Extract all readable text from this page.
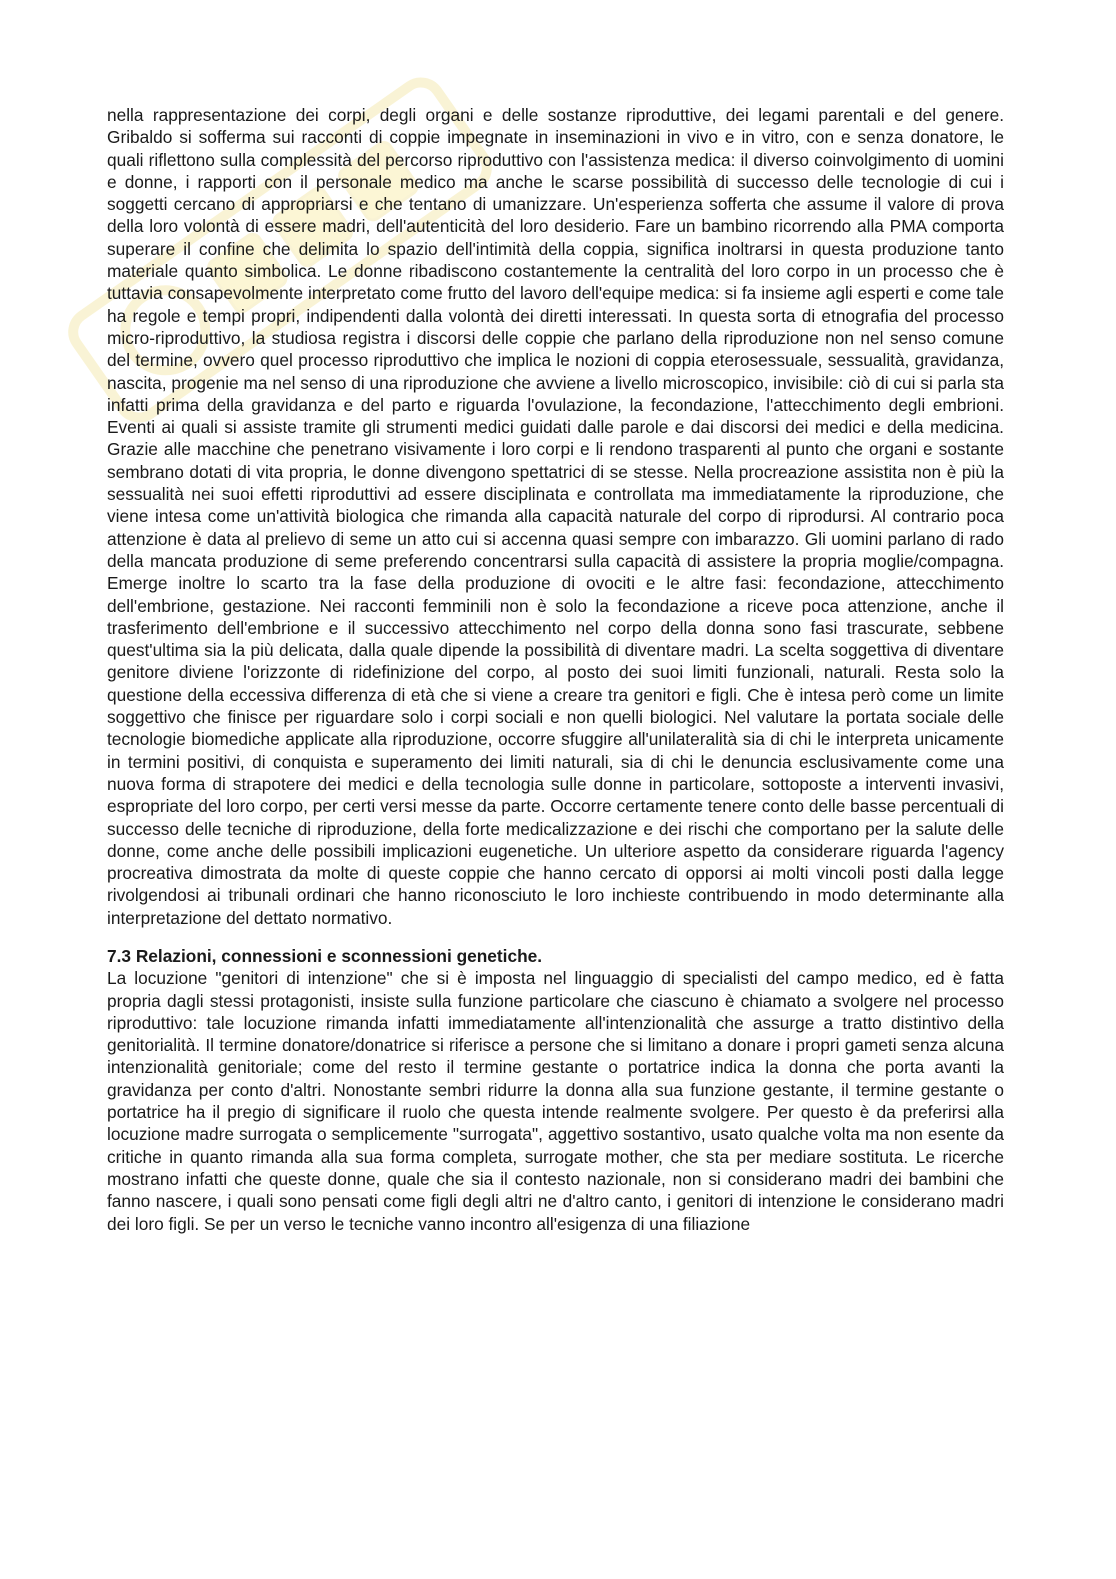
nella rappresentazione dei corpi, degli organi e delle sostanze riproduttive, dei legami parentali e del genere. Gribaldo si sofferma sui racconti di coppie impegnate in inseminazioni in vivo e in vitro, con e senza donatore, le quali riflettono sulla complessità del percorso riproduttivo con l'assistenza medica: il diverso coinvolgimento di uomini e donne, i rapporti con il personale medico ma anche le scarse possibilità di successo delle tecnologie di cui i soggetti cercano di appropriarsi e che tentano di umanizzare. Un'esperienza sofferta che assume il valore di prova della loro volontà di essere madri, dell'autenticità del loro desiderio. Fare un bambino ricorrendo alla PMA comporta superare il confine che delimita lo spazio dell'intimità della coppia, significa inoltrarsi in questa produzione tanto materiale quanto simbolica. Le donne ribadiscono costantemente la centralità del loro corpo in un processo che è tuttavia consapevolmente interpretato come frutto del lavoro dell'equipe medica: si fa insieme agli esperti e come tale ha regole e tempi propri, indipendenti dalla volontà dei diretti interessati. In questa sorta di etnografia del processo micro-riproduttivo, la studiosa registra i discorsi delle coppie che parlano della riproduzione non nel senso comune del termine, ovvero quel processo riproduttivo che implica le nozioni di coppia eterosessuale, sessualità, gravidanza, nascita, progenie ma nel senso di una riproduzione che avviene a livello microscopico, invisibile: ciò di cui si parla sta infatti prima della gravidanza e del parto e riguarda l'ovulazione, la fecondazione, l'attecchimento degli embrioni. Eventi ai quali si assiste tramite gli strumenti medici guidati dalle parole e dai discorsi dei medici e della medicina. Grazie alle macchine che penetrano visivamente i loro corpi e li rendono trasparenti al punto che organi e sostante sembrano dotati di vita propria, le donne divengono spettatrici di se stesse. Nella procreazione assistita non è più la sessualità nei suoi effetti riproduttivi ad essere disciplinata e controllata ma immediatamente la riproduzione, che viene intesa come un'attività biologica che rimanda alla capacità naturale del corpo di riprodursi. Al contrario poca attenzione è data al prelievo di seme un atto cui si accenna quasi sempre con imbarazzo. Gli uomini parlano di rado della mancata produzione di seme preferendo concentrarsi sulla capacità di assistere la propria moglie/compagna. Emerge inoltre lo scarto tra la fase della produzione di ovociti e le altre fasi: fecondazione, attecchimento dell'embrione, gestazione. Nei racconti femminili non è solo la fecondazione a riceve poca attenzione, anche il trasferimento dell'embrione e il successivo attecchimento nel corpo della donna sono fasi trascurate, sebbene quest'ultima sia la più delicata, dalla quale dipende la possibilità di diventare madri. La scelta soggettiva di diventare genitore diviene l'orizzonte di ridefinizione del corpo, al posto dei suoi limiti funzionali, naturali. Resta solo la questione della eccessiva differenza di età che si viene a creare tra genitori e figli. Che è intesa però come un limite soggettivo che finisce per riguardare solo i corpi sociali e non quelli biologici. Nel valutare la portata sociale delle tecnologie biomediche applicate alla riproduzione, occorre sfuggire all'unilateralità sia di chi le interpreta unicamente in termini positivi, di conquista e superamento dei limiti naturali, sia di chi le denuncia esclusivamente come una nuova forma di strapotere dei medici e della tecnologia sulle donne in particolare, sottoposte a interventi invasivi, espropriate del loro corpo, per certi versi messe da parte. Occorre certamente tenere conto delle basse percentuali di successo delle tecniche di riproduzione, della forte medicalizzazione e dei rischi che comportano per la salute delle donne, come anche delle possibili implicazioni eugenetiche. Un ulteriore aspetto da considerare riguarda l'agency procreativa dimostrata da molte di queste coppie che hanno cercato di opporsi ai molti vincoli posti dalla legge rivolgendosi ai tribunali ordinari che hanno riconosciuto le loro inchieste contribuendo in modo determinante alla interpretazione del dettato normativo.

7.3 Relazioni, connessioni e sconnessioni genetiche.

La locuzione "genitori di intenzione" che si è imposta nel linguaggio di specialisti del campo medico, ed è fatta propria dagli stessi protagonisti, insiste sulla funzione particolare che ciascuno è chiamato a svolgere nel processo riproduttivo: tale locuzione rimanda infatti immediatamente all'intenzionalità che assurge a tratto distintivo della genitorialità. Il termine donatore/donatrice si riferisce a persone che si limitano a donare i propri gameti senza alcuna intenzionalità genitoriale; come del resto il termine gestante o portatrice indica la donna che porta avanti la gravidanza per conto d'altri. Nonostante sembri ridurre la donna alla sua funzione gestante, il termine gestante o portatrice ha il pregio di significare il ruolo che questa intende realmente svolgere. Per questo è da preferirsi alla locuzione madre surrogata o semplicemente "surrogata", aggettivo sostantivo, usato qualche volta ma non esente da critiche in quanto rimanda alla sua forma completa, surrogate mother, che sta per mediare sostituta. Le ricerche mostrano infatti che queste donne, quale che sia il contesto nazionale, non si considerano madri dei bambini che fanno nascere, i quali sono pensati come figli degli altri ne d'altro canto, i genitori di intenzione le considerano madri dei loro figli. Se per un verso le tecniche vanno incontro all'esigenza di una filiazione
